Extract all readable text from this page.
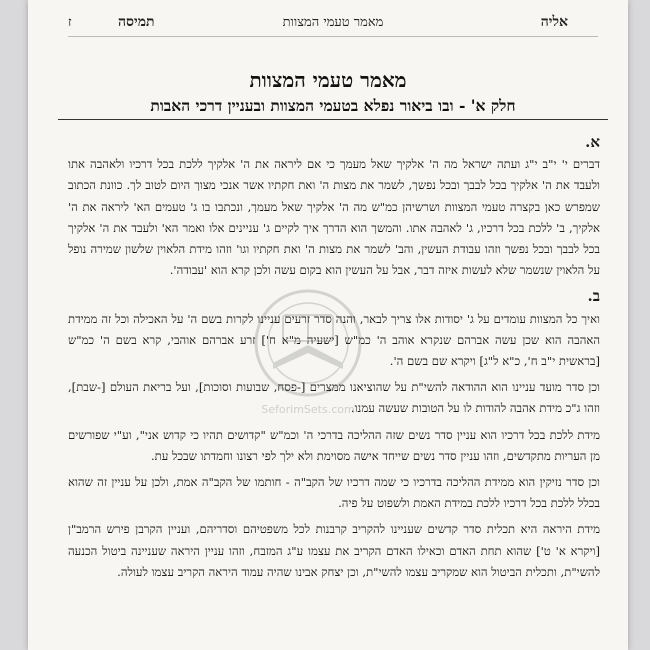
אליה
מאמר טעמי המצוות
תמיסה
ז
מאמר טעמי המצוות
חלק א' - ובו ביאור נפלא בטעמי המצוות ובעניין דרכי האבות
א.

דברים י' י"ב י"ג ועתה ישראל מה ה' אלקיך שאל מעמך כי אם ליראה את ה' אלקיך ללכת בכל דרכיו ולאהבה אתו ולעבד את ה' אלקיך בכל לבבך ובכל נפשך, לשמר את מצות ה' ואת חקתיו אשר אנכי מצוך היום לטוב לך. כוונת הכתוב שמפרש כאן בקצרה טעמי המצוות ושרשיהן כמ"ש מה ה' אלקיך שאל מעמך, ונכתבו בו ג' טעמים הא' ליראה את ה' אלקיך, ב' ללכת בכל דרכיו, ג' לאהבה אתו. והמשך הוא הדרך איך לקיים ג' עניינים אלו ואמר הא' ולעבד את ה' אלקיך בכל לבבך ובכל נפשך וזהו עבודת העשין, והב' לשמר את מצות ה' ואת חקתיו וגו' וזהו מידת הלאוין שלשון שמירה נופל על הלאוין שנשמר שלא לעשות איזה דבר, אבל על העשין הוא בקום עשה ולכן קרא הוא 'עבודה'.

ב.

ואיך כל המצוות עומדים על ג' יסודות אלו צריך לבאר, והנה סדר זרעים עניינו לקרות בשם ה' על האכילה וכל זה ממידת האהבה הוא שכן עשה אברהם שנקרא אוהב ה' כמ"ש [ישעיה מ"א ח'] זרע אברהם אוהבי, קרא בשם ה' כמ"ש [בראשית י"ב ח', כ"א ל"ג] ויקרא שם בשם ה'.

וכן סדר מועד עניינו הוא ההודאה להשי"ת על שהוציאנו ממצרים [-פסח, שבועות וסוכות], ועל בריאת העולם [-שבת], וזהו ג"כ מידת אהבה להודות לו על הטובות שעשה עמנו.

מידת ללכת בכל דרכיו הוא עניין סדר נשים שזה ההליכה בדרכי ה' וכמ"ש "קדושים תהיו כי קדוש אני", וע"י שפורשים מן העריות מתקדשים, וזהו עניין סדר נשים שייחד אישה מסוימת ולא ילך לפי רצונו וחמדתו שבכל עת.

וכן סדר נזיקין הוא ממידת ההליכה בדרכיו כי שמה דרכיו של הקב"ה - חותמו של הקב"ה אמת, ולכן על עניין זה שהוא בכלל ללכת בכל דרכיו ללכת במידת האמת ולשפוט על פיה.

מידת היראה היא תכלית סדר קדשים שעניינו להקריב קרבנות לכל משפטיהם וסדריהם, ועניין הקרבן פירש הרמב"ן [ויקרא א' ט'] שהוא תחת האדם וכאילו האדם הקריב את עצמו ע"ג המזבח, וזהו עניין היראה שעניינה ביטול הכנעה להשי"ת, ותכלית הביטול הוא שמקריב עצמו להשי"ת, וכן יצחק אבינו שהיה עמוד היראה הקריב עצמו לעולה.

SeforimSets.com
